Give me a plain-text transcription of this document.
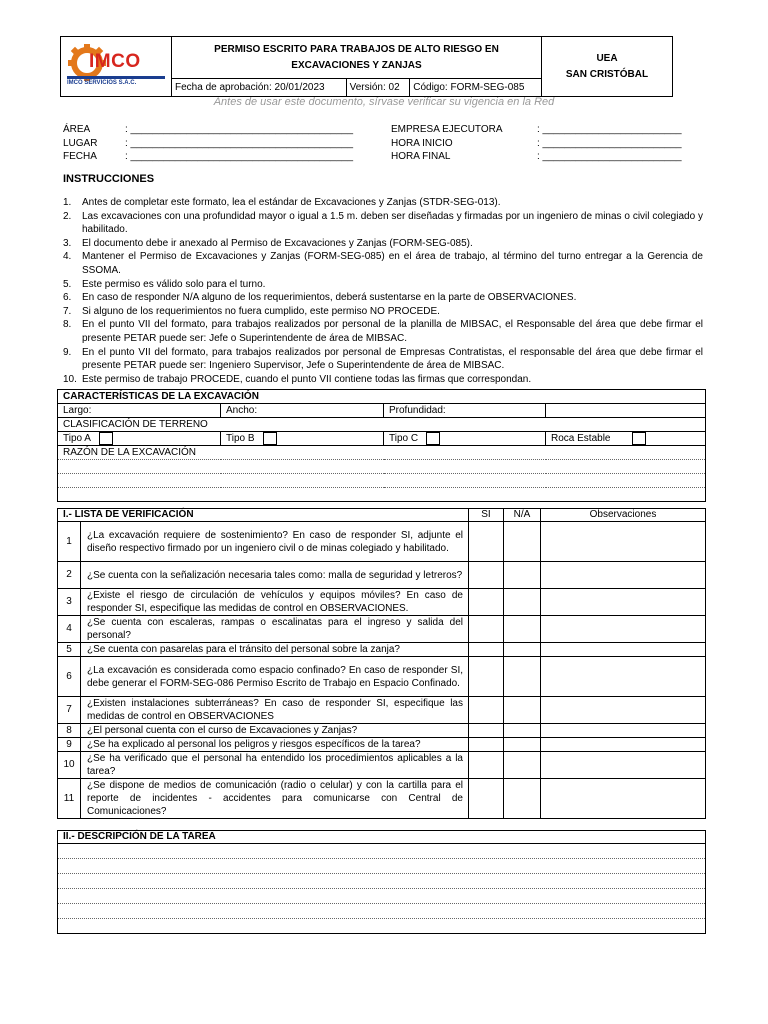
IMCO
IMCO SERVICIOS S.A.C.
	PERMISO ESCRITO PARA TRABAJOS DE ALTO RIESGO EN EXCAVACIONES Y ZANJAS	
UEA
SAN CRISTÓBAL

Fecha de aprobación: 20/01/2023	Versión: 02	Código: FORM-SEG-085
Antes de usar este documento, sírvase verificar su vigencia en la Red
ÁREA	: ________________________________________
LUGAR	: ________________________________________
FECHA	: ________________________________________
EMPRESA EJECUTORA	: _________________________
HORA INICIO	: _________________________
HORA FINAL	: _________________________
INSTRUCCIONES
1. Antes de completar este formato, lea el estándar de Excavaciones y Zanjas (STDR-SEG-013).
2. Las excavaciones con una profundidad mayor o igual a 1.5 m. deben ser diseñadas y firmadas por un ingeniero de minas o civil colegiado y habilitado.
3. El documento debe ir anexado al Permiso de Excavaciones y Zanjas (FORM-SEG-085).
4. Mantener el Permiso de Excavaciones y Zanjas (FORM-SEG-085) en el área de trabajo, al término del turno entregar a la Gerencia de SSOMA.
5. Este permiso es válido solo para el turno.
6. En caso de responder N/A alguno de los requerimientos, deberá sustentarse en la parte de OBSERVACIONES.
7. Si alguno de los requerimientos no fuera cumplido, este permiso NO PROCEDE.
8. En el punto VII del formato, para trabajos realizados por personal de la planilla de MIBSAC, el Responsable del área que debe firmar el presente PETAR puede ser: Jefe o Superintendente de área de MIBSAC.
9. En el punto VII del formato, para trabajos realizados por personal de Empresas Contratistas, el responsable del área que debe firmar el presente PETAR puede ser: Ingeniero Supervisor, Jefe o Superintendente de área de MIBSAC.
10. Este permiso de trabajo PROCEDE, cuando el punto VII contiene todas las firmas que correspondan.
CARACTERÍSTICAS DE LA EXCAVACIÓN			
Largo:	Ancho:	Profundidad:	
CLASIFICACIÓN DE TERRENO			
Tipo A	Tipo B	Tipo C	Roca Estable
RAZÓN DE LA EXCAVACIÓN			

I.- LISTA DE VERIFICACIÓN		SI	N/A	Observaciones
1	¿La excavación requiere de sostenimiento? En caso de responder SI, adjunte el diseño respectivo firmado por un ingeniero civil o de minas colegiado y habilitado.			
2	¿Se cuenta con la señalización necesaria tales como: malla de seguridad y letreros?			
3	¿Existe el riesgo de circulación de vehículos y equipos móviles? En caso de responder SI, especifique las medidas de control en OBSERVACIONES.			
4	¿Se cuenta con escaleras, rampas o escalinatas para el ingreso y salida del personal?			
5	¿Se cuenta con pasarelas para el tránsito del personal sobre la zanja?			
6	¿La excavación es considerada como espacio confinado? En caso de responder SI, debe generar el FORM-SEG-086 Permiso Escrito de Trabajo en Espacio Confinado.			
7	¿Existen instalaciones subterráneas? En caso de responder SI, especifique las medidas de control en OBSERVACIONES			
8	¿El personal cuenta con el curso de Excavaciones y Zanjas?			
9	¿Se ha explicado al personal los peligros y riesgos específicos de la tarea?			
10	¿Se ha verificado que el personal ha entendido los procedimientos aplicables a la tarea?			
11	¿Se dispone de medios de comunicación (radio o celular) y con la cartilla para el reporte de incidentes - accidentes para comunicarse con Central de Comunicaciones?			
II.- DESCRIPCIÓN DE LA TAREA
